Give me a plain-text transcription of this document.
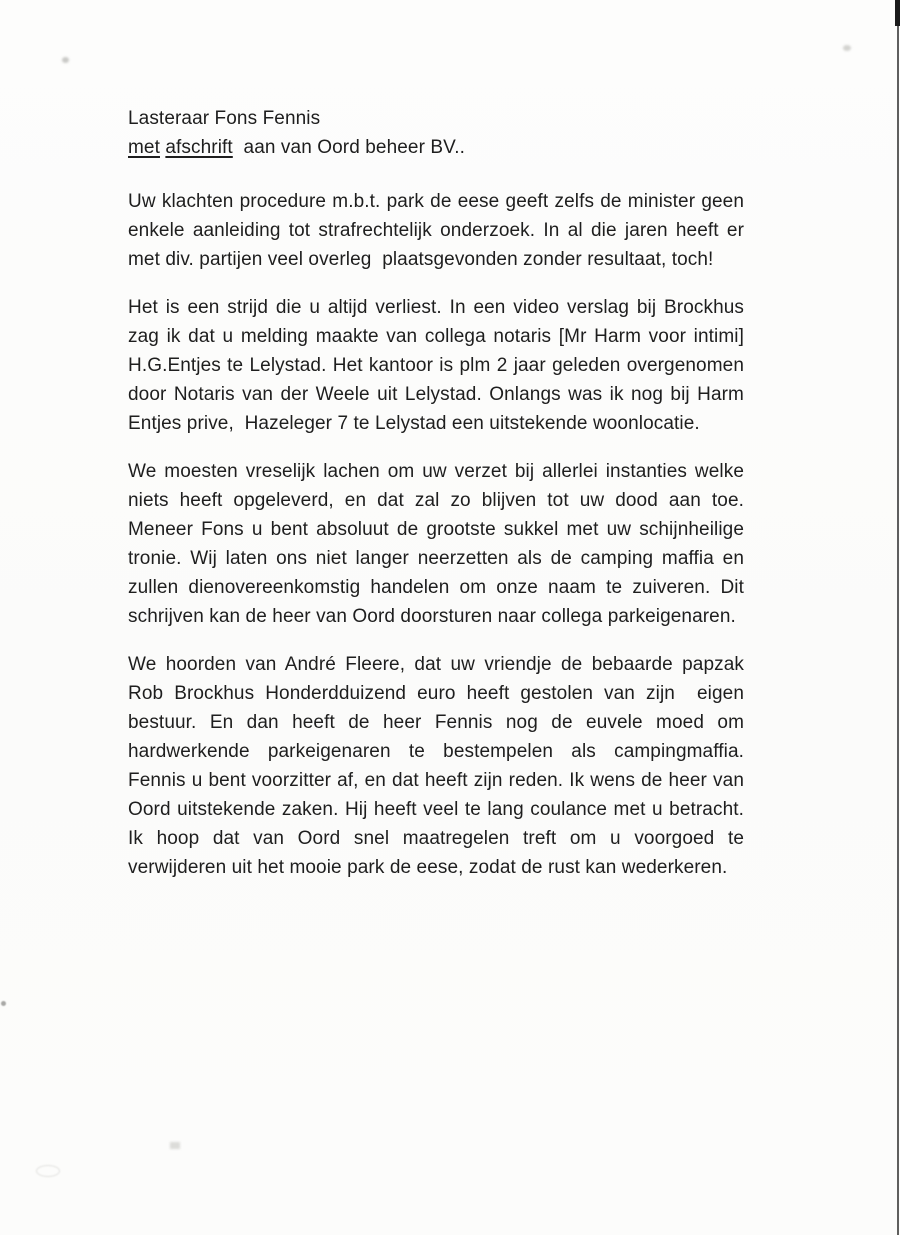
Lasteraar Fons Fennis
met afschrift  aan van Oord beheer BV..
Uw klachten procedure m.b.t. park de eese geeft zelfs de minister geen
enkele aanleiding tot strafrechtelijk onderzoek. In al die jaren heeft er
met div. partijen veel overleg  plaatsgevonden zonder resultaat, toch!
Het is een strijd die u altijd verliest. In een video verslag bij Brockhus
zag ik dat u melding maakte van collega notaris [Mr Harm voor intimi]
H.G.Entjes te Lelystad. Het kantoor is plm 2 jaar geleden overgenomen
door Notaris van der Weele uit Lelystad. Onlangs was ik nog bij Harm
Entjes prive,  Hazeleger 7 te Lelystad een uitstekende woonlocatie.
We moesten vreselijk lachen om uw verzet bij allerlei instanties welke
niets heeft opgeleverd, en dat zal zo blijven tot uw dood aan toe.
Meneer Fons u bent absoluut de grootste sukkel met uw schijnheilige
tronie. Wij laten ons niet langer neerzetten als de camping maffia en
zullen dienovereenkomstig handelen om onze naam te zuiveren. Dit
schrijven kan de heer van Oord doorsturen naar collega parkeigenaren.
We hoorden van André Fleere, dat uw vriendje de bebaarde papzak
Rob Brockhus Honderdduizend euro heeft gestolen van zijn  eigen
bestuur. En dan heeft de heer Fennis nog de euvele moed om
hardwerkende parkeigenaren te bestempelen als campingmaffia.
Fennis u bent voorzitter af, en dat heeft zijn reden. Ik wens de heer van
Oord uitstekende zaken. Hij heeft veel te lang coulance met u betracht.
Ik hoop dat van Oord snel maatregelen treft om u voorgoed te
verwijderen uit het mooie park de eese, zodat de rust kan wederkeren.
